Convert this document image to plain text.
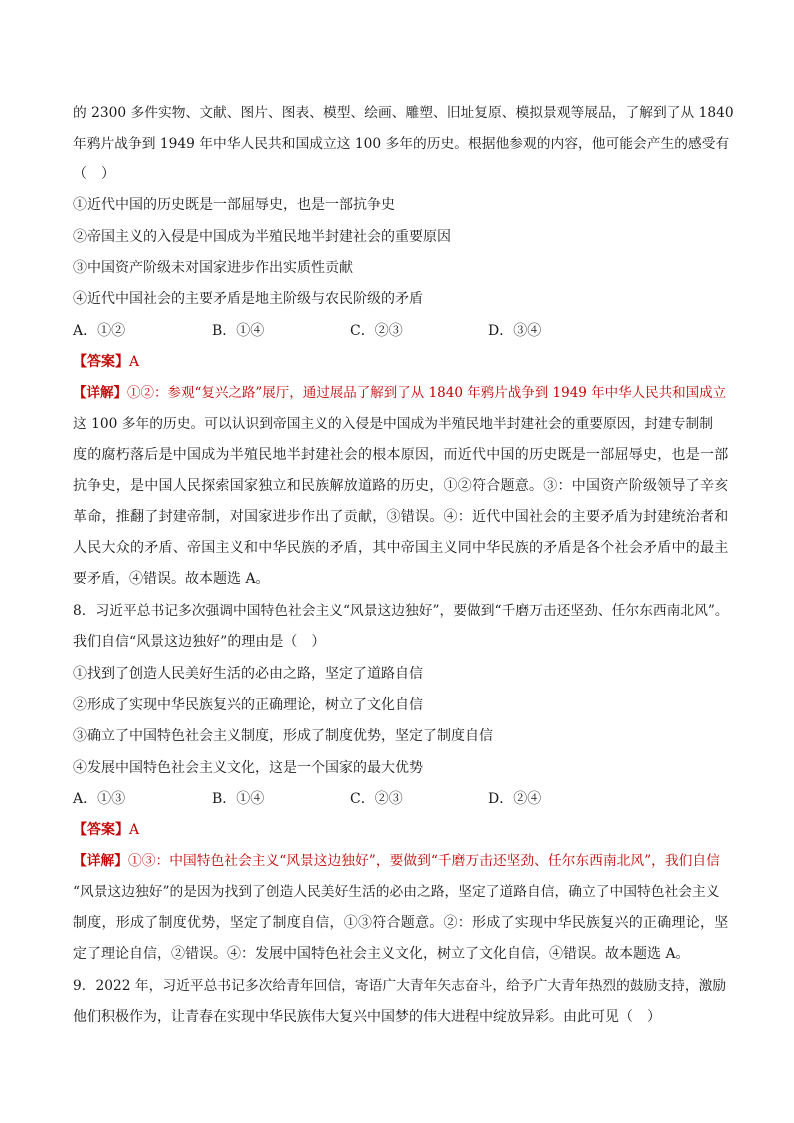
的 2300 多件实物、文献、图片、图表、模型、绘画、雕塑、旧址复原、模拟景观等展品，了解到了从 1840
年鸦片战争到 1949 年中华人民共和国成立这 100 多年的历史。根据他参观的内容，他可能会产生的感受有
（　）
①近代中国的历史既是一部屈辱史，也是一部抗争史
②帝国主义的入侵是中国成为半殖民地半封建社会的重要原因
③中国资产阶级未对国家进步作出实质性贡献
④近代中国社会的主要矛盾是地主阶级与农民阶级的矛盾
A．①②	B．①④	C．②③	D．③④
【答案】A
【详解】①②：参观“复兴之路”展厅，通过展品了解到了从 1840 年鸦片战争到 1949 年中华人民共和国成立
这 100 多年的历史。可以认识到帝国主义的入侵是中国成为半殖民地半封建社会的重要原因，封建专制制
度的腐朽落后是中国成为半殖民地半封建社会的根本原因，而近代中国的历史既是一部屈辱史，也是一部
抗争史，是中国人民探索国家独立和民族解放道路的历史，①②符合题意。③：中国资产阶级领导了辛亥
革命，推翻了封建帝制，对国家进步作出了贡献，③错误。④：近代中国社会的主要矛盾为封建统治者和
人民大众的矛盾、帝国主义和中华民族的矛盾，其中帝国主义同中华民族的矛盾是各个社会矛盾中的最主
要矛盾，④错误。故本题选 A。
8．习近平总书记多次强调中国特色社会主义“风景这边独好”，要做到“千磨万击还坚劲、任尔东西南北风”。
我们自信“风景这边独好”的理由是（　）
①找到了创造人民美好生活的必由之路，坚定了道路自信
②形成了实现中华民族复兴的正确理论，树立了文化自信
③确立了中国特色社会主义制度，形成了制度优势，坚定了制度自信
④发展中国特色社会主义文化，这是一个国家的最大优势
A．①③	B．①④	C．②③	D．②④
【答案】A
【详解】①③：中国特色社会主义“风景这边独好”，要做到“千磨万击还坚劲、任尔东西南北风”，我们自信
“风景这边独好”的是因为找到了创造人民美好生活的必由之路，坚定了道路自信，确立了中国特色社会主义
制度，形成了制度优势，坚定了制度自信，①③符合题意。②：形成了实现中华民族复兴的正确理论，坚
定了理论自信，②错误。④：发展中国特色社会主义文化，树立了文化自信，④错误。故本题选 A。
9．2022 年，习近平总书记多次给青年回信，寄语广大青年矢志奋斗，给予广大青年热烈的鼓励支持，激励
他们积极作为，让青春在实现中华民族伟大复兴中国梦的伟大进程中绽放异彩。由此可见（　）
